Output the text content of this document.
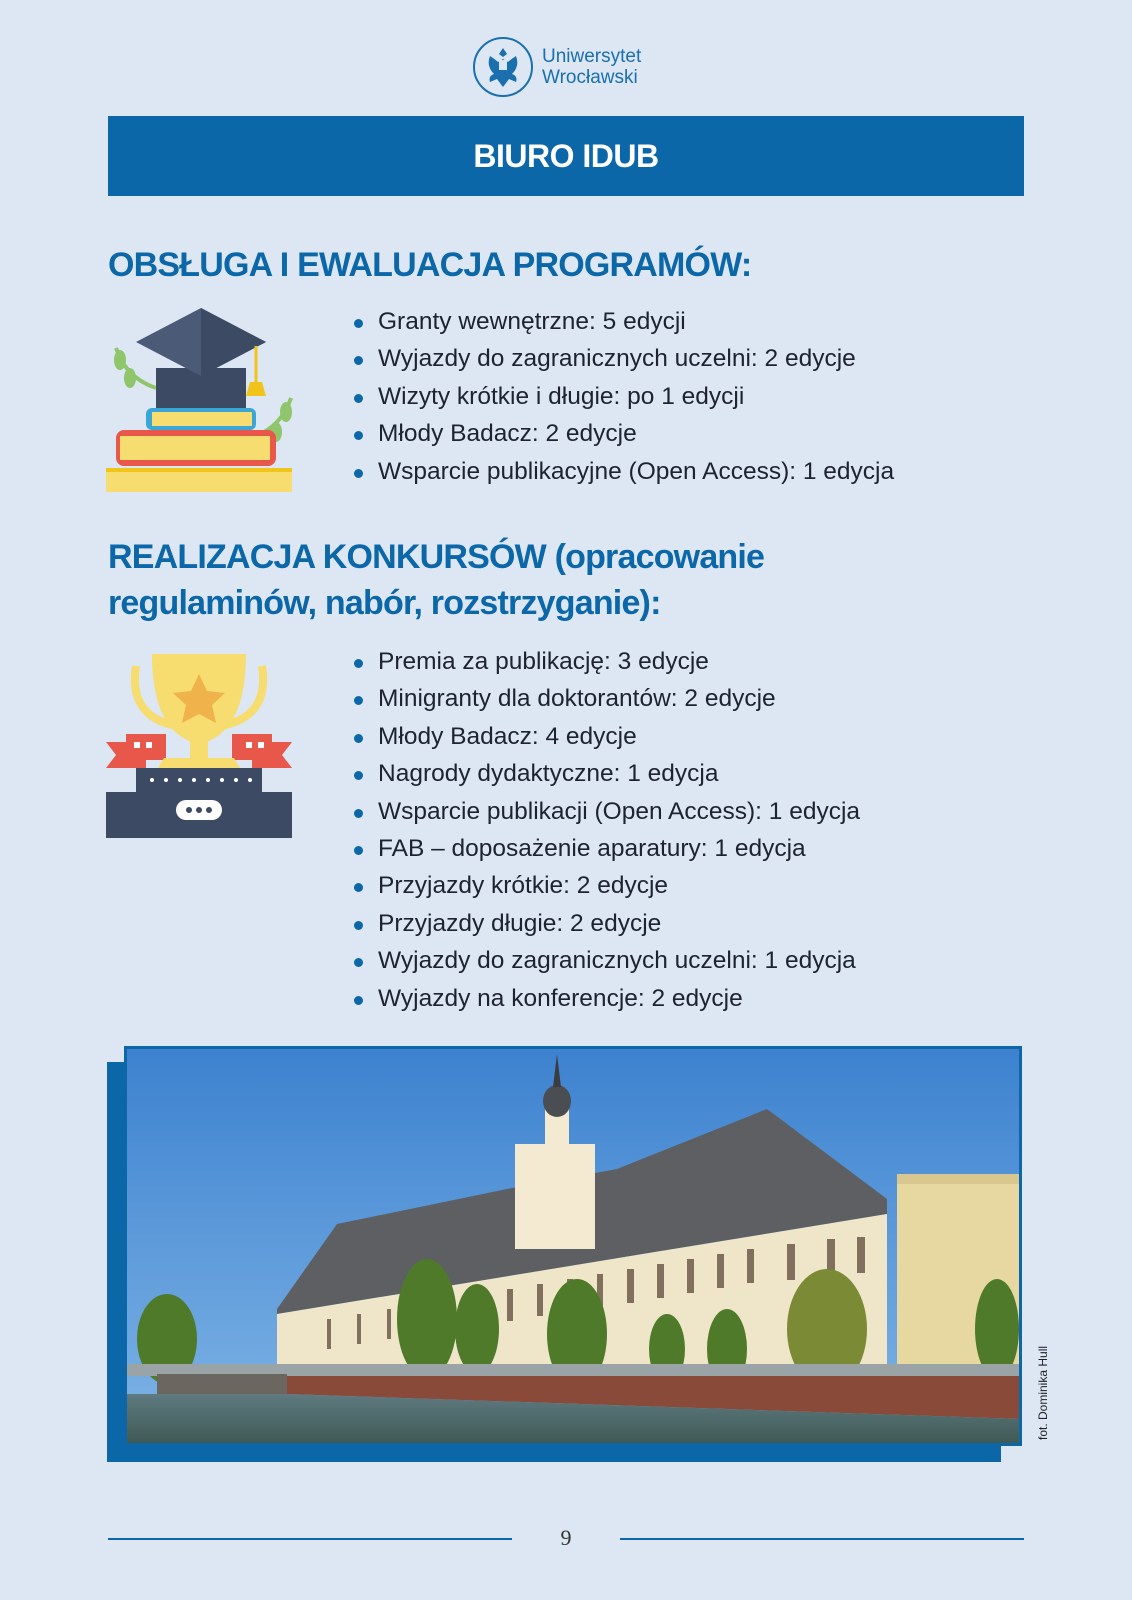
Uniwersytet
Wrocławski
BIURO IDUB
OBSŁUGA I EWALUACJA PROGRAMÓW:
Granty wewnętrzne: 5 edycji
Wyjazdy do zagranicznych uczelni: 2 edycje
Wizyty krótkie i długie: po 1 edycji
Młody Badacz: 2 edycje
Wsparcie publikacyjne (Open Access): 1 edycja
REALIZACJA KONKURSÓW (opracowanie
regulaminów, nabór, rozstrzyganie):
Premia za publikację: 3 edycje
Minigranty dla doktorantów: 2 edycje
Młody Badacz: 4 edycje
Nagrody dydaktyczne: 1 edycja
Wsparcie publikacji (Open Access): 1 edycja
FAB – doposażenie aparatury: 1 edycja
Przyjazdy krótkie: 2 edycje
Przyjazdy długie: 2 edycje
Wyjazdy do zagranicznych uczelni: 1 edycja
Wyjazdy na konferencje: 2 edycje
fot. Dominika Hull
9
